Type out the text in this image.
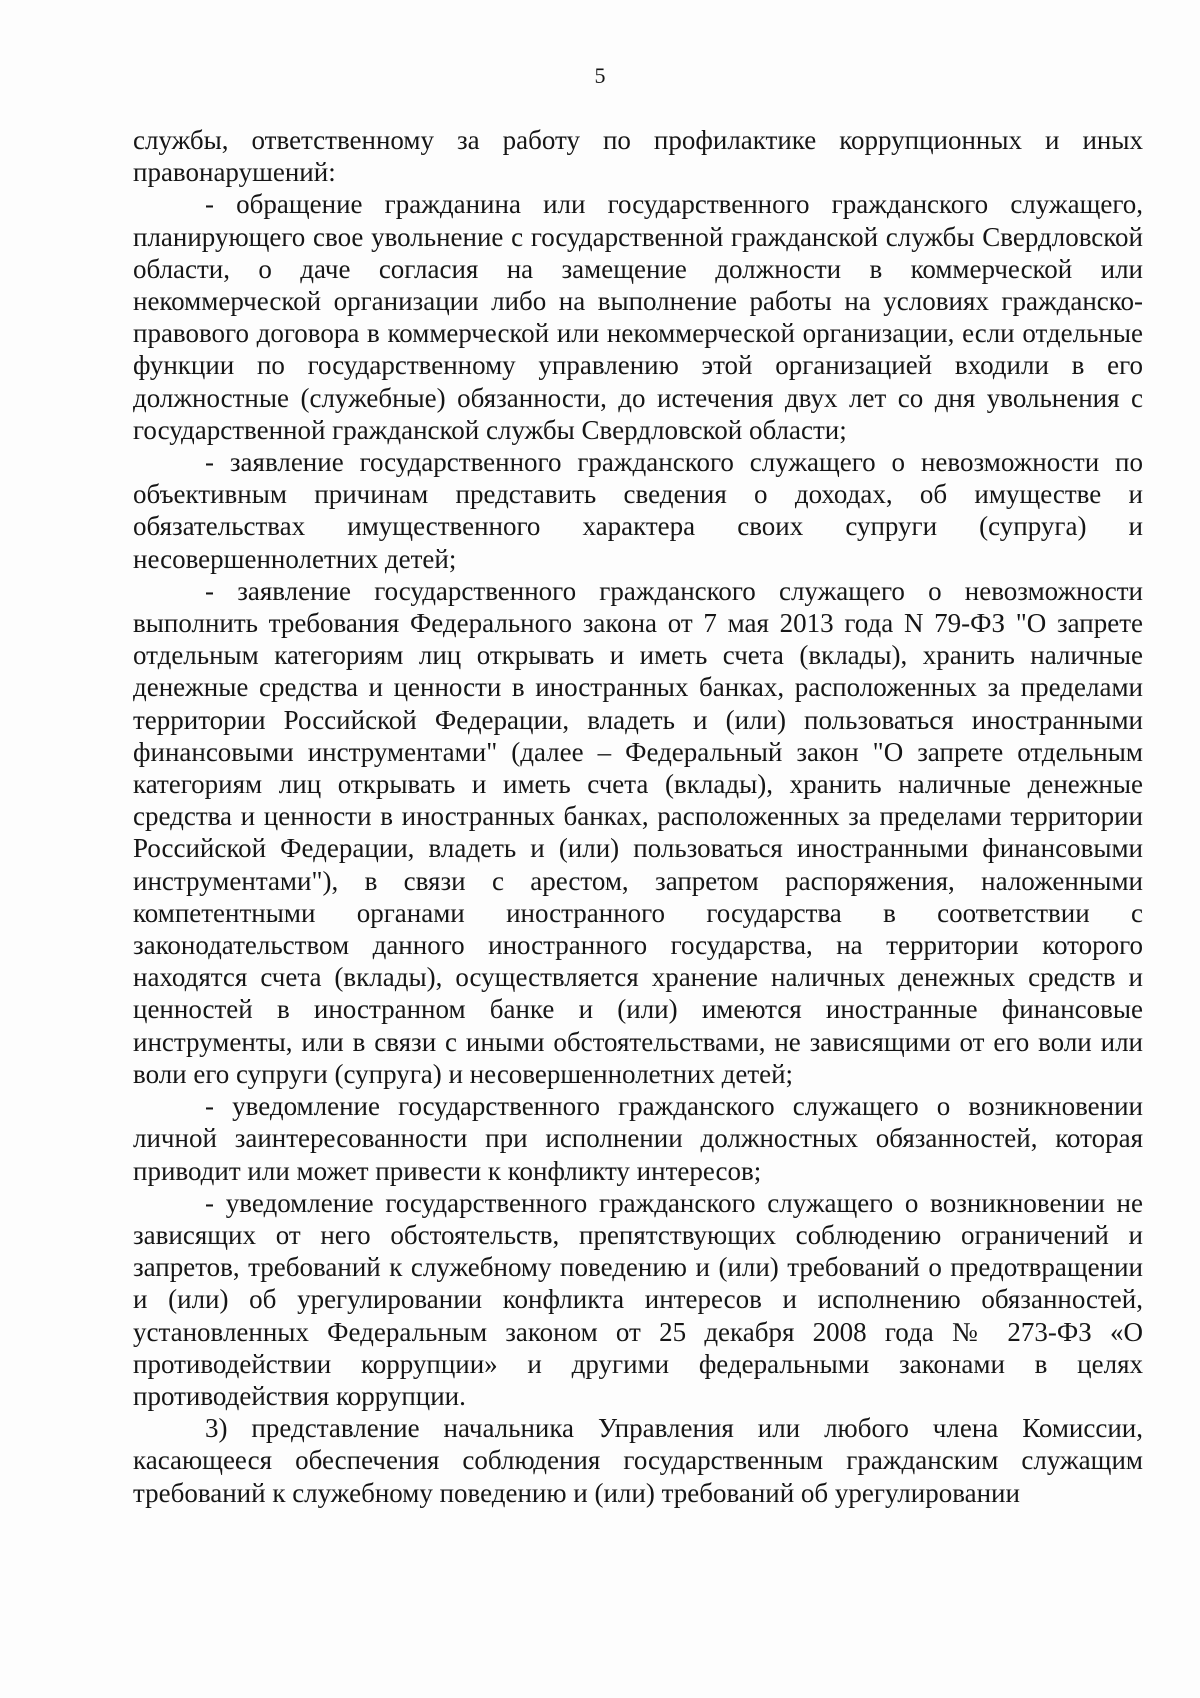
5

службы, ответственному за работу по профилактике коррупционных и иных правонарушений:

- обращение гражданина или государственного гражданского служащего, планирующего свое увольнение с государственной гражданской службы Свердловской области, о даче согласия на замещение должности в коммерческой или некоммерческой организации либо на выполнение работы на условиях гражданско-правового договора в коммерческой или некоммерческой организации, если отдельные функции по государственному управлению этой организацией входили в его должностные (служебные) обязанности, до истечения двух лет со дня увольнения с государственной гражданской службы Свердловской области;

- заявление государственного гражданского служащего о невозможности по объективным причинам представить сведения о доходах, об имуществе и обязательствах имущественного характера своих супруги (супруга) и несовершеннолетних детей;

- заявление государственного гражданского служащего о невозможности выполнить требования Федерального закона от 7 мая 2013 года N 79-ФЗ "О запрете отдельным категориям лиц открывать и иметь счета (вклады), хранить наличные денежные средства и ценности в иностранных банках, расположенных за пределами территории Российской Федерации, владеть и (или) пользоваться иностранными финансовыми инструментами" (далее – Федеральный закон "О запрете отдельным категориям лиц открывать и иметь счета (вклады), хранить наличные денежные средства и ценности в иностранных банках, расположенных за пределами территории Российской Федерации, владеть и (или) пользоваться иностранными финансовыми инструментами"), в связи с арестом, запретом распоряжения, наложенными компетентными органами иностранного государства в соответствии с законодательством данного иностранного государства, на территории которого находятся счета (вклады), осуществляется хранение наличных денежных средств и ценностей в иностранном банке и (или) имеются иностранные финансовые инструменты, или в связи с иными обстоятельствами, не зависящими от его воли или воли его супруги (супруга) и несовершеннолетних детей;

- уведомление государственного гражданского служащего о возникновении личной заинтересованности при исполнении должностных обязанностей, которая приводит или может привести к конфликту интересов;

- уведомление государственного гражданского служащего о возникновении не зависящих от него обстоятельств, препятствующих соблюдению ограничений и запретов, требований к служебному поведению и (или) требований о предотвращении и (или) об урегулировании конфликта интересов и исполнению обязанностей, установленных Федеральным законом от 25 декабря 2008 года № 273-ФЗ «О противодействии коррупции» и другими федеральными законами в целях противодействия коррупции.

3) представление начальника Управления или любого члена Комиссии, касающееся обеспечения соблюдения государственным гражданским служащим требований к служебному поведению и (или) требований об урегулировании
